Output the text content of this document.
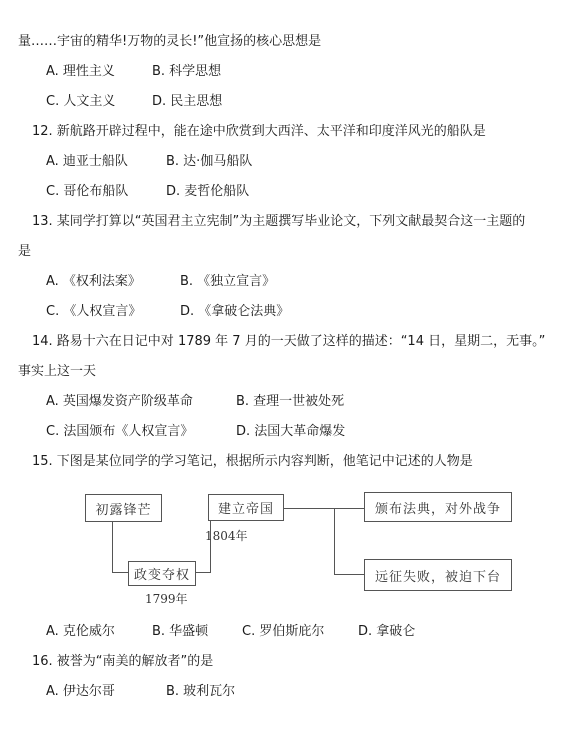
量……宇宙的精华!万物的灵长!”他宣扬的核心思想是
A. 理性主义	B. 科学思想
C. 人文主义	D. 民主思想
12. 新航路开辟过程中，能在途中欣赏到大西洋、太平洋和印度洋风光的船队是
A. 迪亚士船队	B. 达·伽马船队
C. 哥伦布船队	D. 麦哲伦船队
13. 某同学打算以“英国君主立宪制”为主题撰写毕业论文，下列文献最契合这一主题的
是
A. 《权利法案》	B. 《独立宣言》
C. 《人权宣言》	D. 《拿破仑法典》
14. 路易十六在日记中对 1789 年 7 月的一天做了这样的描述：“14 日，星期二，无事。”
事实上这一天
A. 英国爆发资产阶级革命	B. 查理一世被处死
C. 法国颁布《人权宣言》	D. 法国大革命爆发
15. 下图是某位同学的学习笔记，根据所示内容判断，他笔记中记述的人物是
初露锋芒	建立帝国	颁布法典，对外战争
政变夺权	远征失败，被迫下台
1804年
1799年
A. 克伦威尔	B. 华盛顿	C. 罗伯斯庇尔	D. 拿破仑
16. 被誉为“南美的解放者”的是
A. 伊达尔哥	B. 玻利瓦尔
